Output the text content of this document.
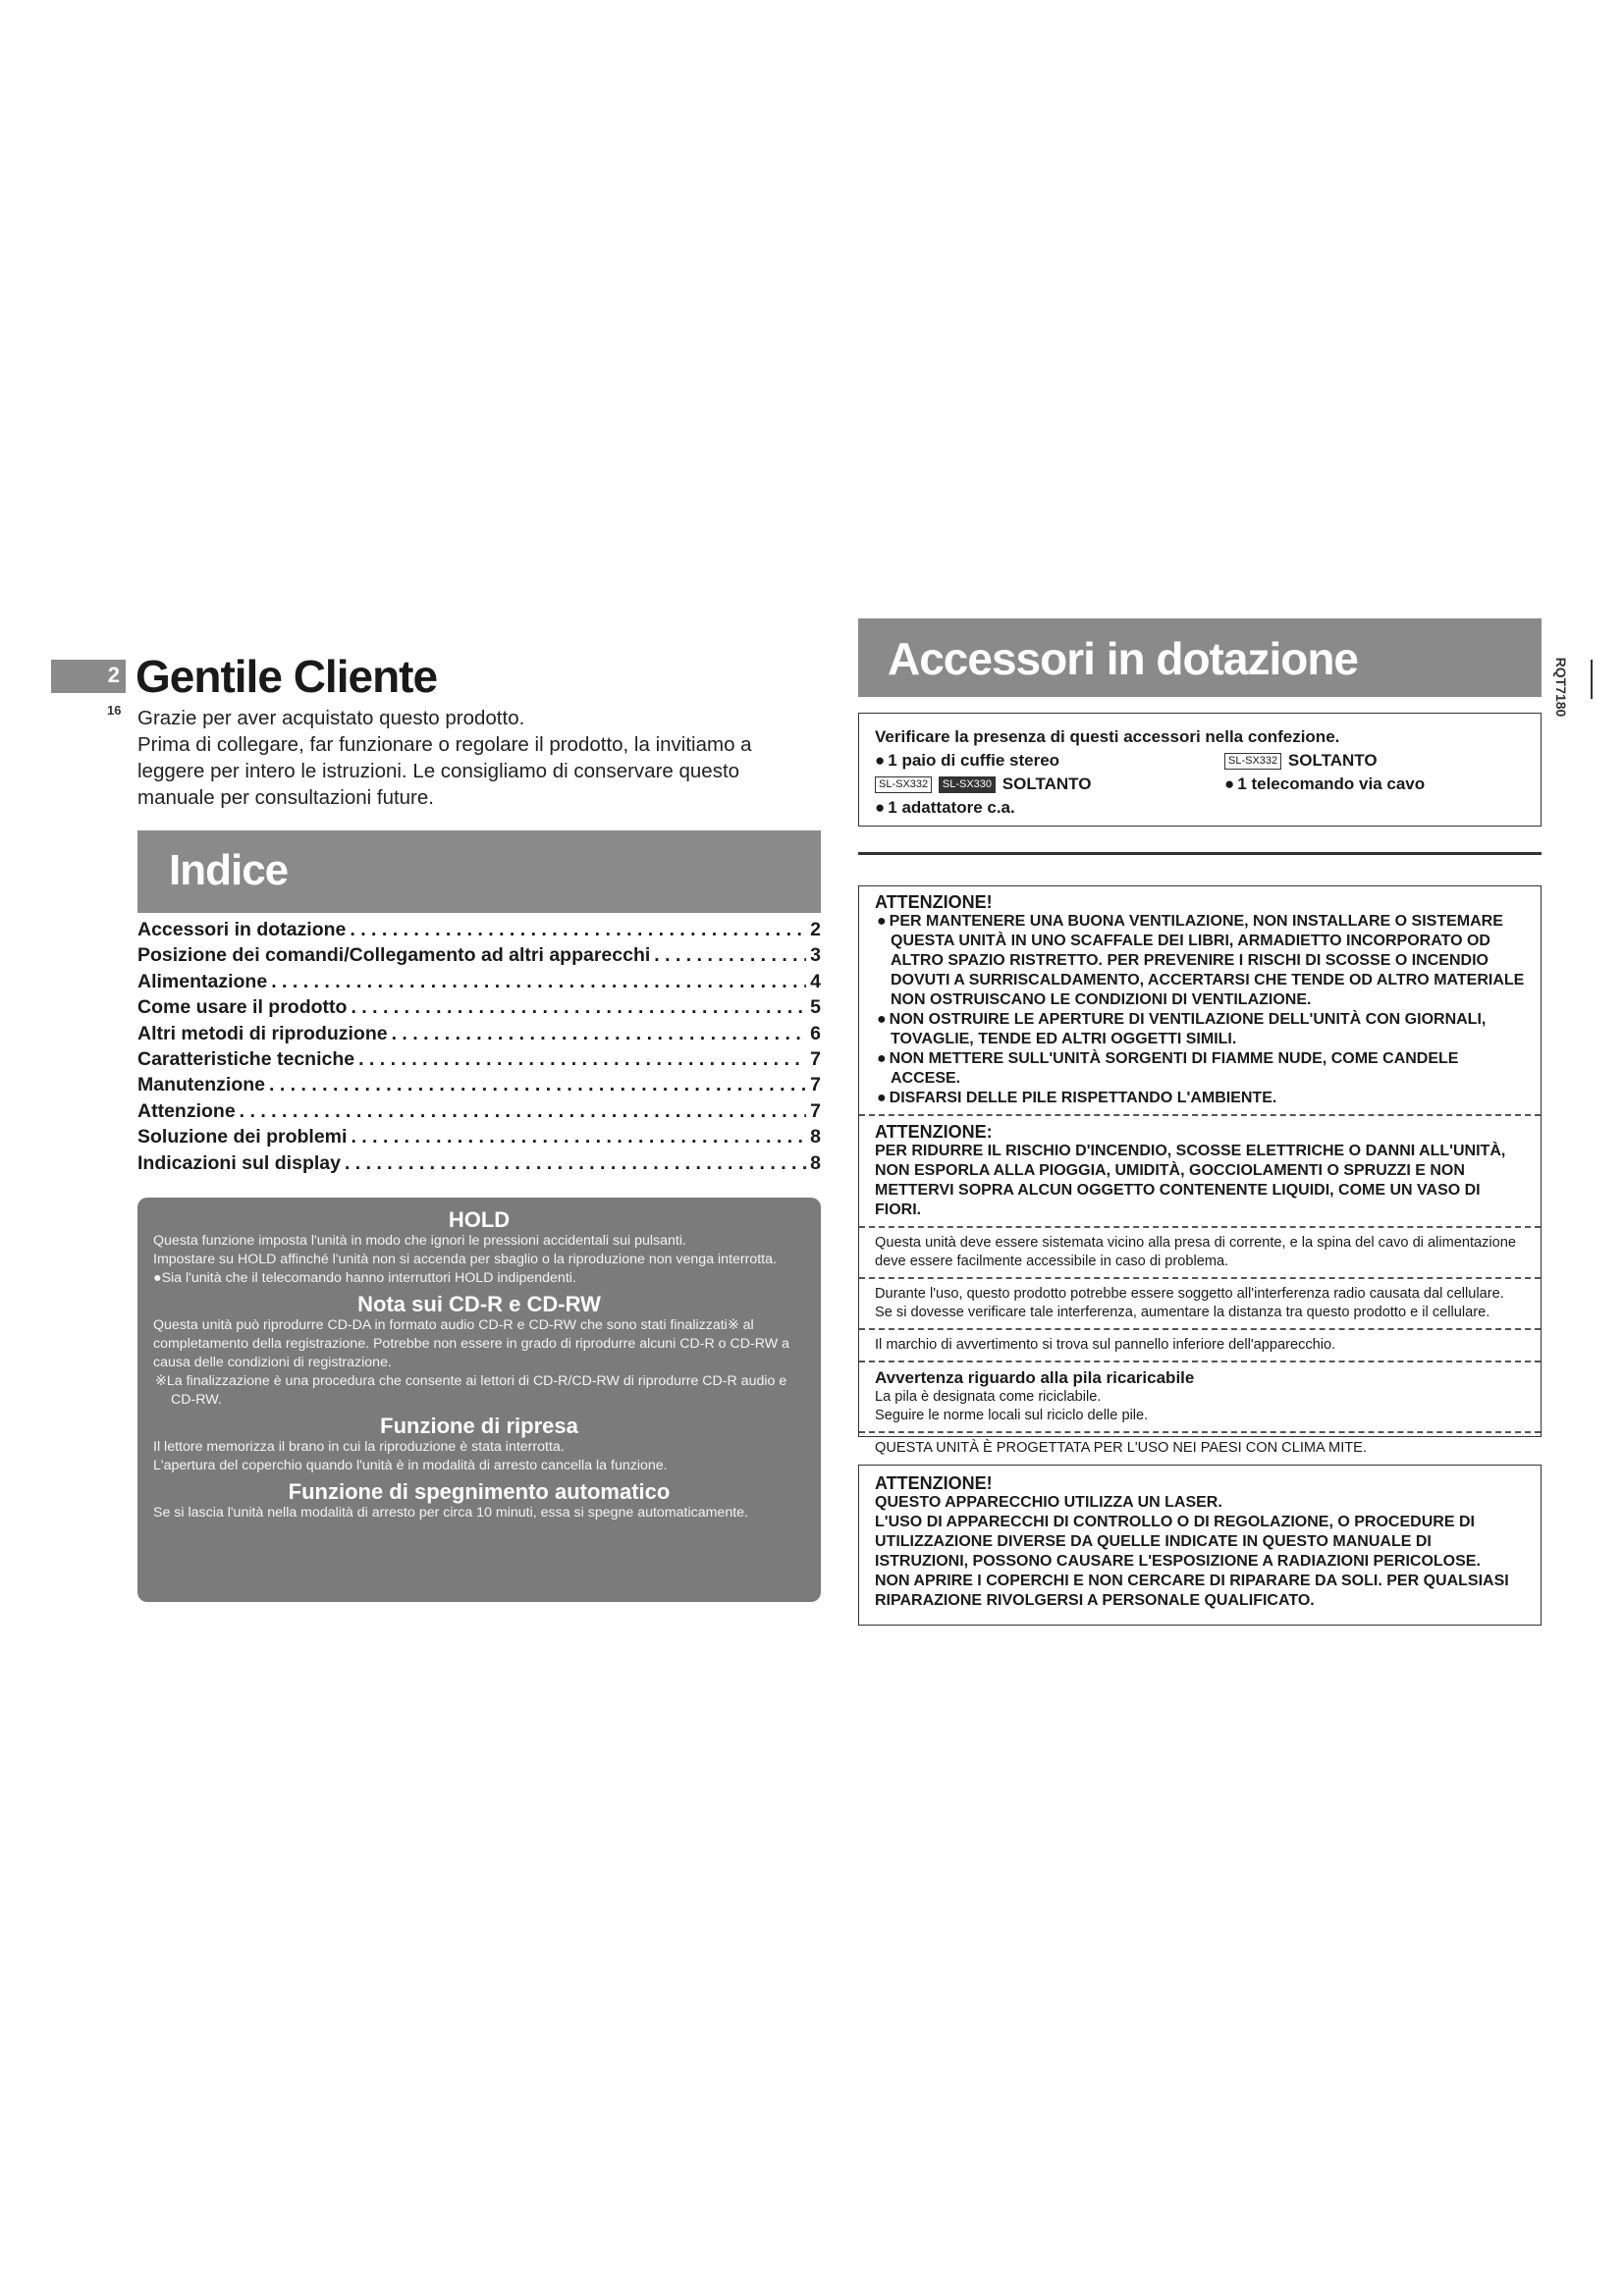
2
16
Gentile Cliente

Grazie per aver acquistato questo prodotto.

Prima di collegare, far funzionare o regolare il prodotto, la invitiamo a

leggere per intero le istruzioni. Le consigliamo di conservare questo

manuale per consultazioni future.

Indice
Accessori in dotazione . . .	2
Posizione dei comandi/Collegamento ad altri apparecchi . . .	3
Alimentazione . . .	4
Come usare il prodotto . . .	5
Altri metodi di riproduzione . . .	6
Caratteristiche tecniche . . .	7
Manutenzione . . .	7
Attenzione . . .	7
Soluzione dei problemi . . .	8
Indicazioni sul display . . .	8

HOLD

Questa funzione imposta l'unità in modo che ignori le pressioni accidentali sui pulsanti.

Impostare su HOLD affinché l'unità non si accenda per sbaglio o la riproduzione non venga interrotta.

●Sia l'unità che il telecomando hanno interruttori HOLD indipendenti.

Nota sui CD-R e CD-RW

Questa unità può riprodurre CD-DA in formato audio CD-R e CD-RW che sono stati finalizzati※ al completamento della registrazione. Potrebbe non essere in grado di riprodurre alcuni CD-R o CD-RW a causa delle condizioni di registrazione.

※La finalizzazione è una procedura che consente ai lettori di CD-R/CD-RW di riprodurre CD-R audio e CD-RW.

Funzione di ripresa

Il lettore memorizza il brano in cui la riproduzione è stata interrotta.

L'apertura del coperchio quando l'unità è in modalità di arresto cancella la funzione.

Funzione di spegnimento automatico

Se si lascia l'unità nella modalità di arresto per circa 10 minuti, essa si spegne automaticamente.

Accessori in dotazione
Verificare la presenza di questi accessori nella confezione.
● 1 paio di cuffie stereo	SL-SX332 SOLTANTO
SL-SX332 SL-SX330 SOLTANTO	● 1 telecomando via cavo
● 1 adattatore c.a.

ATTENZIONE!

● PER MANTENERE UNA BUONA VENTILAZIONE, NON INSTALLARE O SISTEMARE QUESTA UNITÀ IN UNO SCAFFALE DEI LIBRI, ARMADIETTO INCORPORATO OD ALTRO SPAZIO RISTRETTO. PER PREVENIRE I RISCHI DI SCOSSE O INCENDIO DOVUTI A SURRISCALDAMENTO, ACCERTARSI CHE TENDE OD ALTRO MATERIALE NON OSTRUISCANO LE CONDIZIONI DI VENTILAZIONE.

● NON OSTRUIRE LE APERTURE DI VENTILAZIONE DELL'UNITÀ CON GIORNALI, TOVAGLIE, TENDE ED ALTRI OGGETTI SIMILI.

● NON METTERE SULL'UNITÀ SORGENTI DI FIAMME NUDE, COME CANDELE ACCESE.

● DISFARSI DELLE PILE RISPETTANDO L'AMBIENTE.

ATTENZIONE:

PER RIDURRE IL RISCHIO D'INCENDIO, SCOSSE ELETTRICHE O DANNI ALL'UNITÀ, NON ESPORLA ALLA PIOGGIA, UMIDITÀ, GOCCIOLAMENTI O SPRUZZI E NON METTERVI SOPRA ALCUN OGGETTO CONTENENTE LIQUIDI, COME UN VASO DI FIORI.

Questa unità deve essere sistemata vicino alla presa di corrente, e la spina del cavo di alimentazione deve essere facilmente accessibile in caso di problema.

Durante l'uso, questo prodotto potrebbe essere soggetto all'interferenza radio causata dal cellulare. Se si dovesse verificare tale interferenza, aumentare la distanza tra questo prodotto e il cellulare.

Il marchio di avvertimento si trova sul pannello inferiore dell'apparecchio.

Avvertenza riguardo alla pila ricaricabile

La pila è designata come riciclabile.

Seguire le norme locali sul riciclo delle pile.

QUESTA UNITÀ È PROGETTATA PER L'USO NEI PAESI CON CLIMA MITE.

ATTENZIONE!

QUESTO APPARECCHIO UTILIZZA UN LASER.

L'USO DI APPARECCHI DI CONTROLLO O DI REGOLAZIONE, O PROCEDURE DI UTILIZZAZIONE DIVERSE DA QUELLE INDICATE IN QUESTO MANUALE DI ISTRUZIONI, POSSONO CAUSARE L'ESPOSIZIONE A RADIAZIONI PERICOLOSE.

NON APRIRE I COPERCHI E NON CERCARE DI RIPARARE DA SOLI. PER QUALSIASI RIPARAZIONE RIVOLGERSI A PERSONALE QUALIFICATO.

RQT7180
